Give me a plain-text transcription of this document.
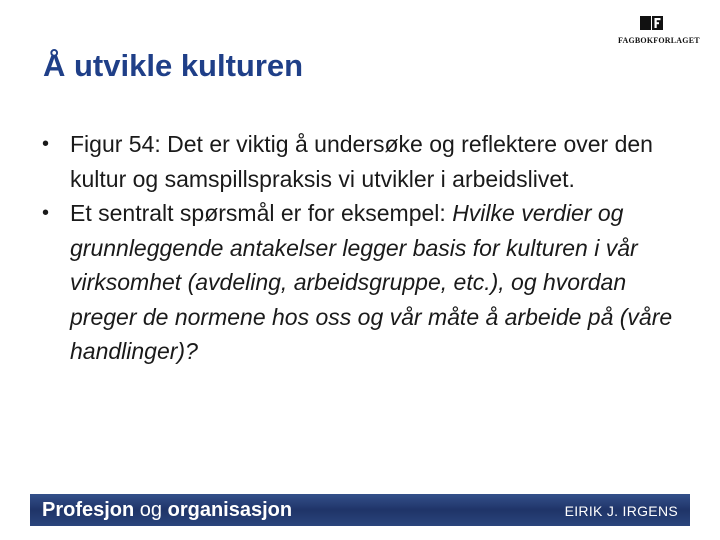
FAGBOKFORLAGET
Å utvikle kulturen
• Figur 54: Det er viktig å undersøke og reflektere over den kultur og samspillspraksis vi utvikler i arbeidslivet.
• Et sentralt spørsmål er for eksempel: Hvilke verdier og grunnleggende antakelser legger basis for kulturen i vår virksomhet (avdeling, arbeidsgruppe, etc.), og hvordan preger de normene hos oss og vår måte å arbeide på (våre handlinger)?
Profesjon og organisasjon	EIRIK J. IRGENS
